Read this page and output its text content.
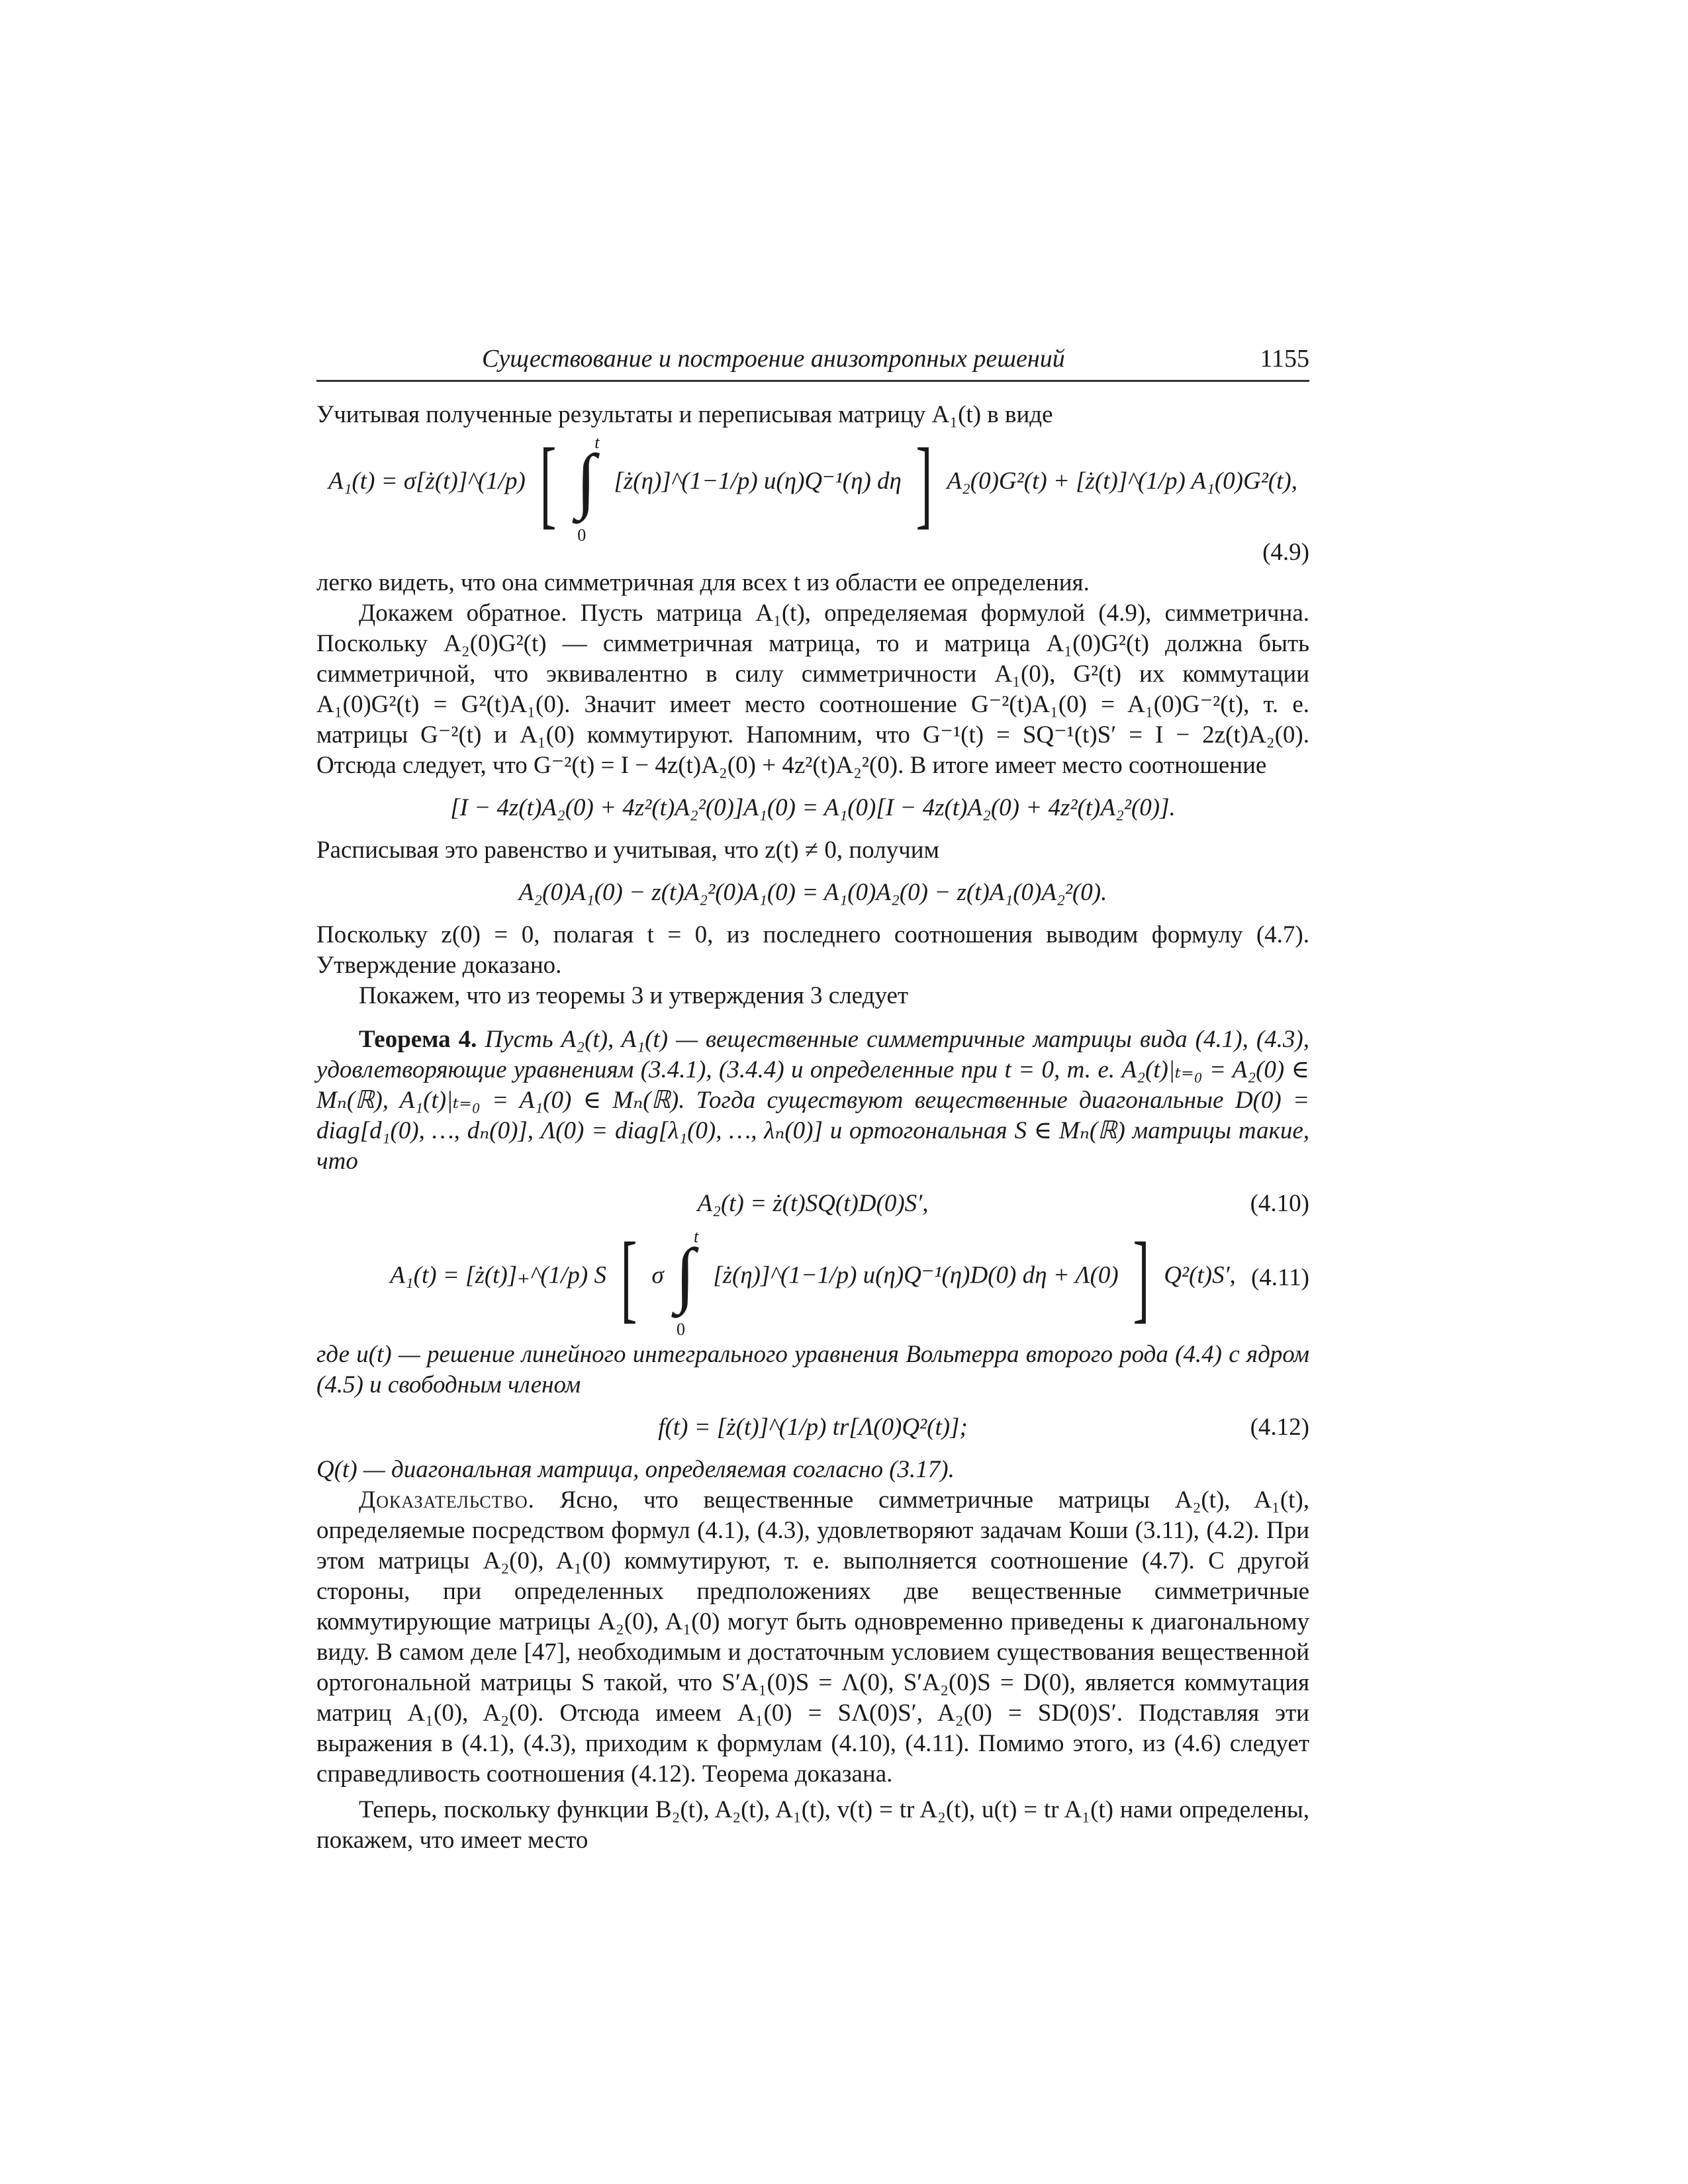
Существование и построение анизотропных решений	1155

Учитывая полученные результаты и переписывая матрицу A₁(t) в виде

A₁(t) = σ[ż(t)]^(1/p) [ ∫
t
0
[ż(η)]^(1−1/p) u(η)Q⁻¹(η) dη ] A₂(0)G²(t) + [ż(t)]^(1/p) A₁(0)G²(t),
(4.9)

легко видеть, что она симметричная для всех t из области ее определения.

Докажем обратное. Пусть матрица A₁(t), определяемая формулой (4.9), симметрична. Поскольку A₂(0)G²(t) — симметричная матрица, то и матрица A₁(0)G²(t) должна быть симметричной, что эквивалентно в силу симметричности A₁(0), G²(t) их коммутации A₁(0)G²(t) = G²(t)A₁(0). Значит имеет место соотношение G⁻²(t)A₁(0) = A₁(0)G⁻²(t), т. е. матрицы G⁻²(t) и A₁(0) коммутируют. Напомним, что G⁻¹(t) = SQ⁻¹(t)S′ = I − 2z(t)A₂(0). Отсюда следует, что G⁻²(t) = I − 4z(t)A₂(0) + 4z²(t)A₂²(0). В итоге имеет место соотношение

[I − 4z(t)A₂(0) + 4z²(t)A₂²(0)]A₁(0) = A₁(0)[I − 4z(t)A₂(0) + 4z²(t)A₂²(0)].

Расписывая это равенство и учитывая, что z(t) ≠ 0, получим

A₂(0)A₁(0) − z(t)A₂²(0)A₁(0) = A₁(0)A₂(0) − z(t)A₁(0)A₂²(0).

Поскольку z(0) = 0, полагая t = 0, из последнего соотношения выводим формулу (4.7). Утверждение доказано.

Покажем, что из теоремы 3 и утверждения 3 следует

Теорема 4. Пусть A₂(t), A₁(t) — вещественные симметричные матрицы вида (4.1), (4.3), удовлетворяющие уравнениям (3.4.1), (3.4.4) и определенные при t = 0, т. е. A₂(t)|ₜ₌₀ = A₂(0) ∈ Mₙ(ℝ), A₁(t)|ₜ₌₀ = A₁(0) ∈ Mₙ(ℝ). Тогда существуют вещественные диагональные D(0) = diag[d₁(0), …, dₙ(0)], Λ(0) = diag[λ₁(0), …, λₙ(0)] и ортогональная S ∈ Mₙ(ℝ) матрицы такие, что

A₂(t) = ż(t)SQ(t)D(0)S′,	(4.10)
A₁(t) = [ż(t)]₊^(1/p) S [ σ ∫
t
0
[ż(η)]^(1−1/p) u(η)Q⁻¹(η)D(0) dη + Λ(0) ] Q²(t)S′, (4.11)

где u(t) — решение линейного интегрального уравнения Вольтерра второго рода (4.4) с ядром (4.5) и свободным членом

f(t) = [ż(t)]^(1/p) tr[Λ(0)Q²(t)];	(4.12)

Q(t) — диагональная матрица, определяемая согласно (3.17).

Доказательство. Ясно, что вещественные симметричные матрицы A₂(t), A₁(t), определяемые посредством формул (4.1), (4.3), удовлетворяют задачам Коши (3.11), (4.2). При этом матрицы A₂(0), A₁(0) коммутируют, т. е. выполняется соотношение (4.7). С другой стороны, при определенных предположениях две вещественные симметричные коммутирующие матрицы A₂(0), A₁(0) могут быть одновременно приведены к диагональному виду. В самом деле [47], необходимым и достаточным условием существования вещественной ортогональной матрицы S такой, что S′A₁(0)S = Λ(0), S′A₂(0)S = D(0), является коммутация матриц A₁(0), A₂(0). Отсюда имеем A₁(0) = SΛ(0)S′, A₂(0) = SD(0)S′. Подставляя эти выражения в (4.1), (4.3), приходим к формулам (4.10), (4.11). Помимо этого, из (4.6) следует справедливость соотношения (4.12). Теорема доказана.

Теперь, поскольку функции B₂(t), A₂(t), A₁(t), v(t) = tr A₂(t), u(t) = tr A₁(t) нами определены, покажем, что имеет место
